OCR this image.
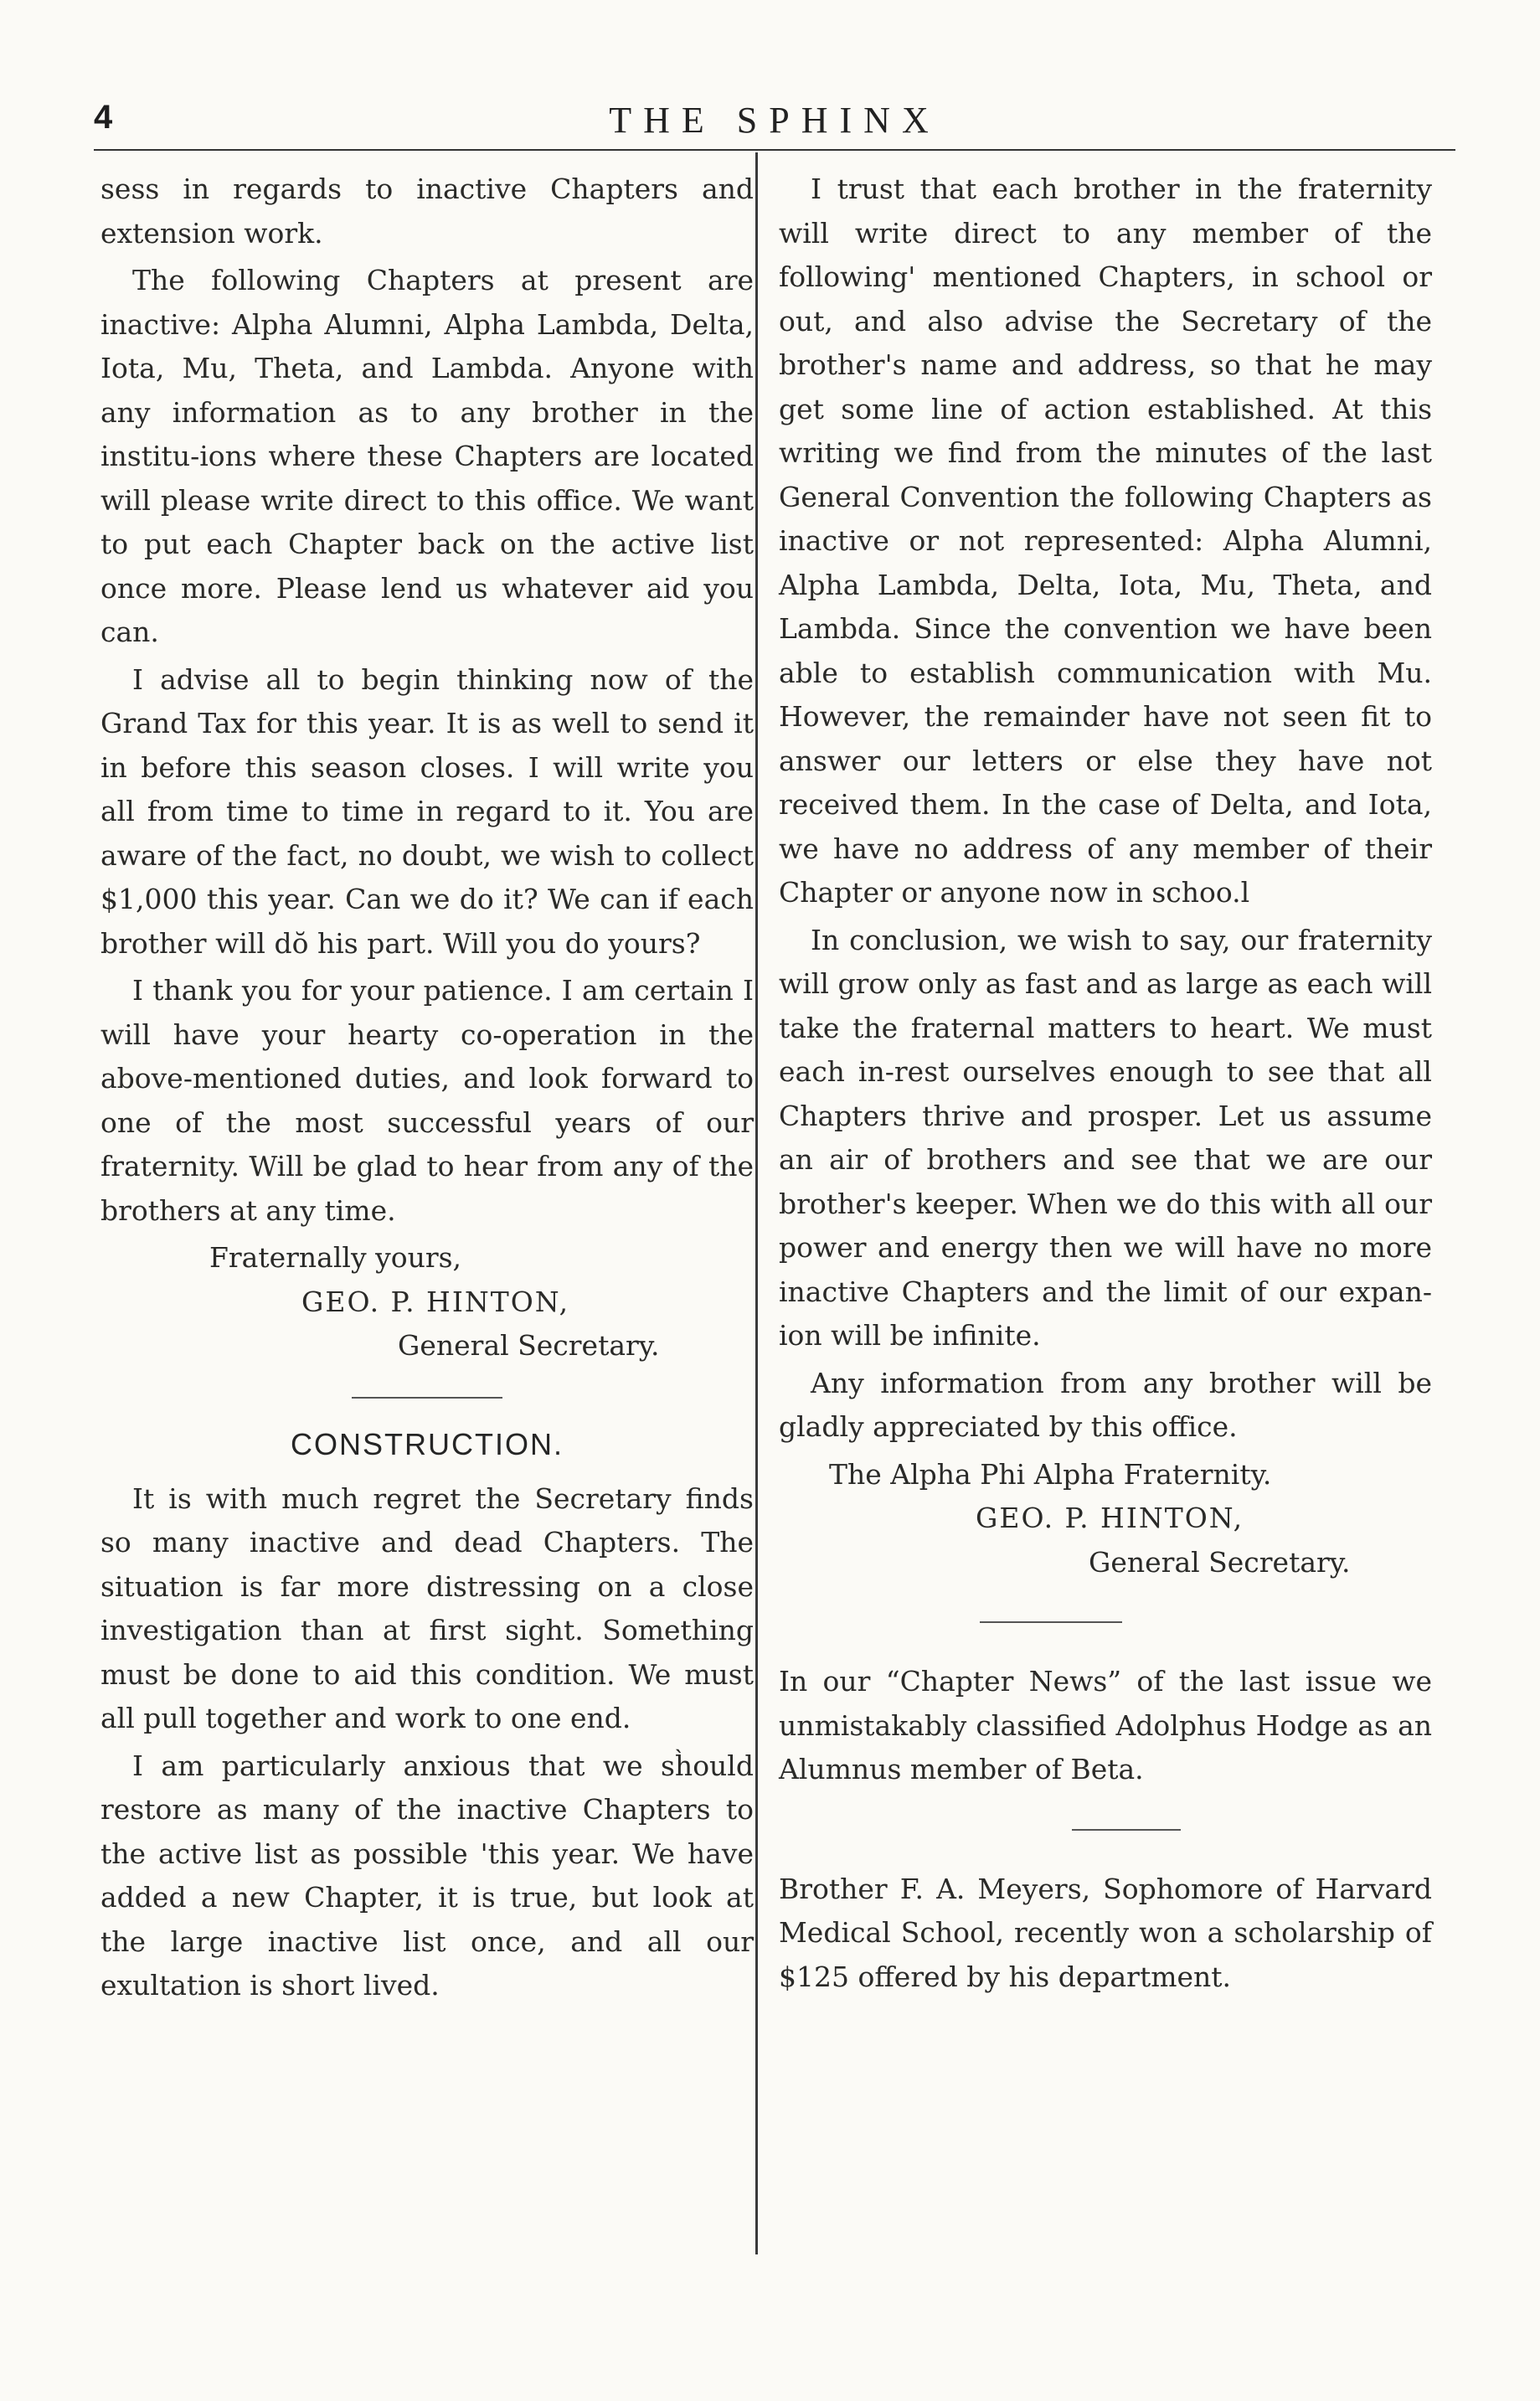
4	THE SPHINX

sess in regards to inactive Chapters and extension work.

The following Chapters at present are inactive: Alpha Alumni, Alpha Lambda, Delta, Iota, Mu, Theta, and Lambda. Anyone with any information as to any brother in the institu-ions where these Chapters are located will please write direct to this office. We want to put each Chapter back on the active list once more. Please lend us whatever aid you can.

I advise all to begin thinking now of the Grand Tax for this year. It is as well to send it in before this season closes. I will write you all from time to time in regard to it. You are aware of the fact, no doubt, we wish to collect $1,000 this year. Can we do it? We can if each brother will dŏ his part. Will you do yours?

I thank you for your patience. I am certain I will have your hearty co-operation in the above-mentioned duties, and look forward to one of the most successful years of our fraternity. Will be glad to hear from any of the brothers at any time.

Fraternally yours,
GEO. P. HINTON,
General Secretary.
CONSTRUCTION.

It is with much regret the Secretary finds so many inactive and dead Chapters. The situation is far more distressing on a close investigation than at first sight. Something must be done to aid this condition. We must all pull together and work to one end.

I am particularly anxious that we sh̀ould restore as many of the inactive Chapters to the active list as possible 'this year. We have added a new Chapter, it is true, but look at the large inactive list once, and all our exultation is short lived.

I trust that each brother in the fraternity will write direct to any member of the following' mentioned Chapters, in school or out, and also advise the Secretary of the brother's name and address, so that he may get some line of action established. At this writing we find from the minutes of the last General Convention the following Chapters as inactive or not represented: Alpha Alumni, Alpha Lambda, Delta, Iota, Mu, Theta, and Lambda. Since the convention we have been able to establish communication with Mu. However, the remainder have not seen fit to answer our letters or else they have not received them. In the case of Delta, and Iota, we have no address of any member of their Chapter or anyone now in schoo.l

In conclusion, we wish to say, our fraternity will grow only as fast and as large as each will take the fraternal matters to heart. We must each in-rest ourselves enough to see that all Chapters thrive and prosper. Let us assume an air of brothers and see that we are our brother's keeper. When we do this with all our power and energy then we will have no more inactive Chapters and the limit of our expan-ion will be infinite.

Any information from any brother will be gladly appreciated by this office.

The Alpha Phi Alpha Fraternity.
GEO. P. HINTON,
General Secretary.

In our “Chapter News” of the last issue we unmistakably classified Adolphus Hodge as an Alumnus member of Beta.

Brother F. A. Meyers, Sophomore of Harvard Medical School, recently won a scholarship of $125 offered by his department.
